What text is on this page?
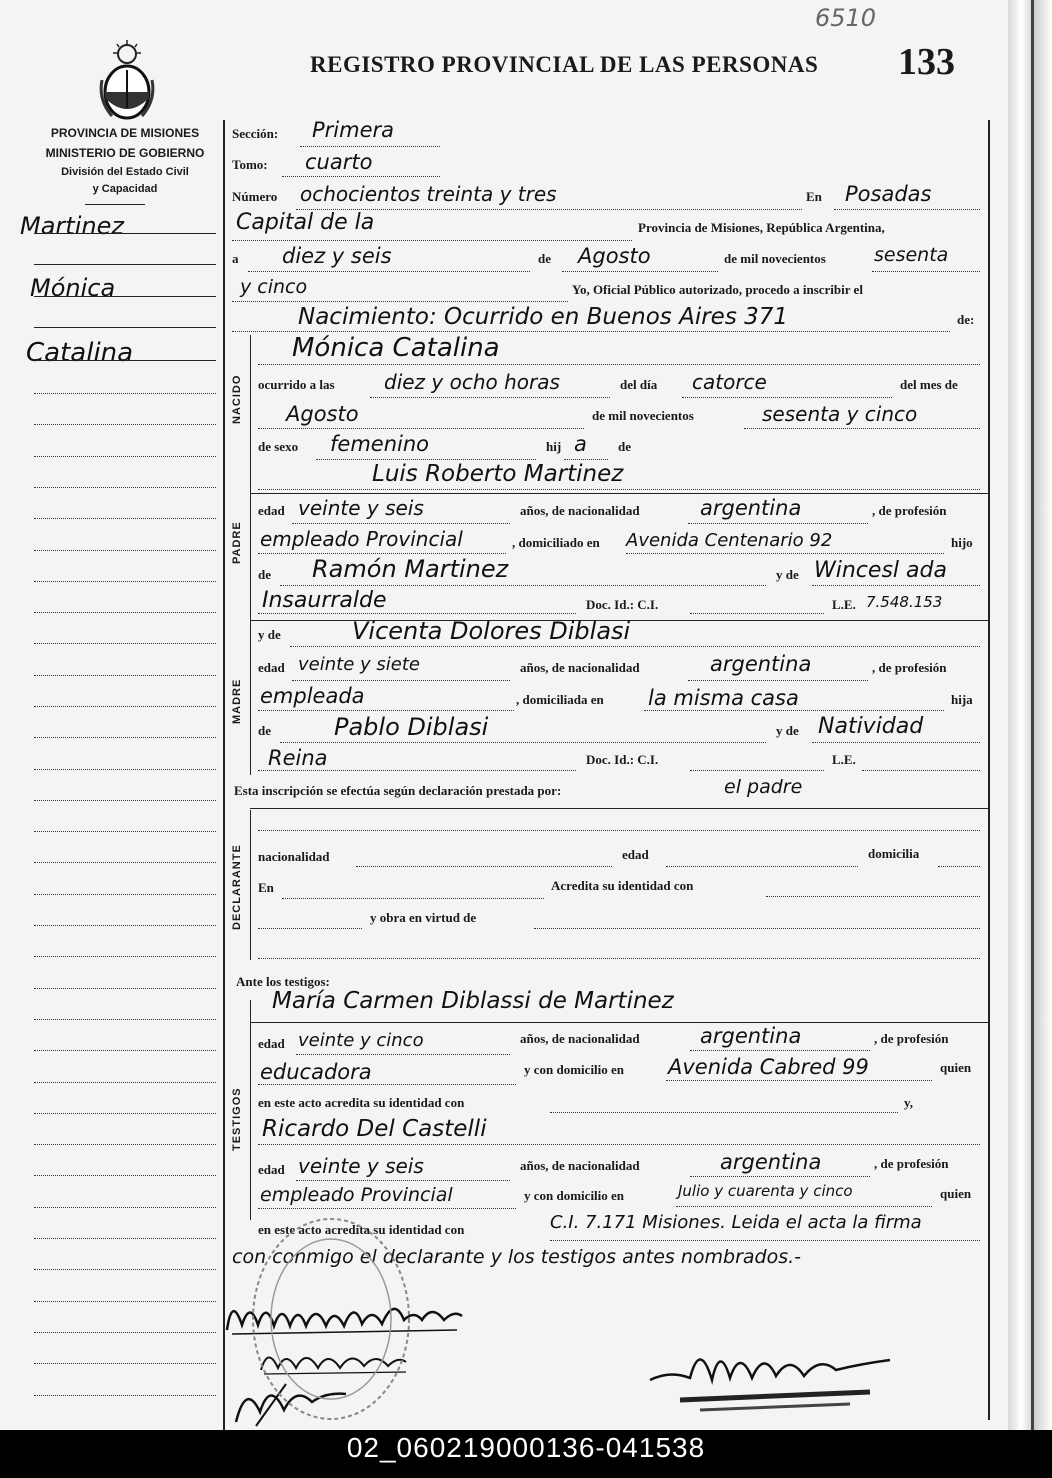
6510
REGISTRO PROVINCIAL DE LAS PERSONAS 133
PROVINCIA DE MISIONES
MINISTERIO DE GOBIERNO
División del Estado Civil
y Capacidad
Martinez
Mónica
Catalina
NACIDO
PADRE
MADRE
DECLARANTE
TESTIGOS
Sección: Primera
Tomo: cuarto
Número ochocientos treinta y tres	En Posadas
Capital de la	Provincia de Misiones, República Argentina,
a diez y seis	de Agosto	de mil novecientos	sesenta
y cinco	Yo, Oficial Público autorizado, procedo a inscribir el
Nacimiento: Ocurrido en Buenos Aires 371	de:
Mónica Catalina
ocurrido a las diez y ocho horas	del día catorce	del mes de
Agosto	de mil novecientos	sesenta y cinco
de sexo femenino	hij a de
Luis Roberto Martinez
edad veinte y seis	años, de nacionalidad	argentina	, de profesión
empleado Provincial	, domiciliado en Avenida Centenario 92	hijo
de Ramón Martinez	y de Wincesl ada
Insaurralde	Doc. Id.: C.I.	L.E. 7.548.153
y de	Vicenta Dolores Diblasi
edad veinte y siete	años, de nacionalidad	argentina	, de profesión
empleada	, domiciliada en la misma casa	hija
de	Pablo Diblasi	y de Natividad
Reina	Doc. Id.: C.I.	L.E.
Esta inscripción se efectúa según declaración prestada por:	el padre
nacionalidad	edad	domicilia
En	Acredita su identidad con
y obra en virtud de
Ante los testigos:
María Carmen Diblassi de Martinez
edad veinte y cinco	años, de nacionalidad	argentina	, de profesión
educadora	y con domicilio en Avenida Cabred 99	quien
en este acto acredita su identidad con	y,
Ricardo Del Castelli
edad veinte y seis	años, de nacionalidad	argentina	, de profesión
empleado Provincial	y con domicilio en	Julio y cuarenta y cinco	quien
en este acto acredita su identidad con	C.I. 7.171 Misiones. Leida el acta la firma
con conmigo el declarante y los testigos antes nombrados.-
02_060219000136-041538
